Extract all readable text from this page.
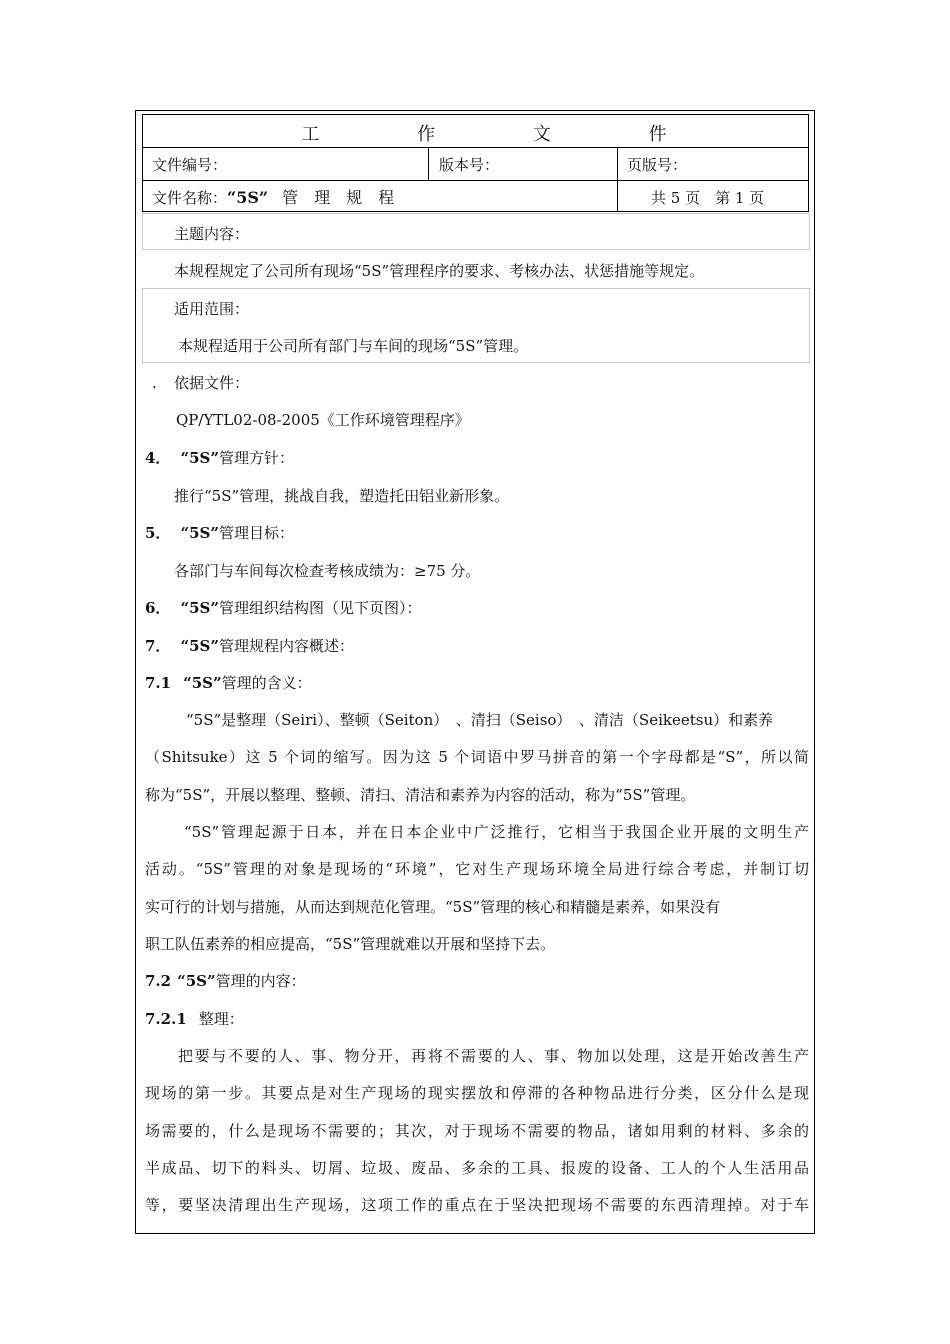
工 作 文 件
文件编号：	版本号：	页版号：
文件名称：“5S” 管　理　规　程	共 5 页　第 1 页
主题内容：
本规程规定了公司所有现场“5S”管理程序的要求、考核办法、状惩措施等规定。
适用范围：
本规程适用于公司所有部门与车间的现场“5S”管理。
. 依据文件：
QP/YTL02-08-2005《工作环境管理程序》
4． “5S”管理方针：
推行“5S”管理，挑战自我，塑造托田铝业新形象。
5． “5S”管理目标：
各部门与车间每次检查考核成绩为：≥75 分。
6． “5S”管理组织结构图（见下页图）：
7． “5S”管理规程内容概述：
7.1 “5S”管理的含义：
“5S”是整理（Seiri）、整顿（Seiton）　、清扫（Seiso）　、清洁（Seikeetsu）和素养
（Shitsuke）这 5 个词的缩写。因为这 5 个词语中罗马拼音的第一个字母都是“S”，所以简
称为“5S”，开展以整理、整顿、清扫、清洁和素养为内容的活动，称为“5S”管理。
“5S”管理起源于日本，并在日本企业中广泛推行，它相当于我国企业开展的文明生产
活动。“5S”管理的对象是现场的“环境”，它对生产现场环境全局进行综合考虑，并制订切
实可行的计划与措施，从而达到规范化管理。“5S”管理的核心和精髓是素养，如果没有
职工队伍素养的相应提高，“5S”管理就难以开展和坚持下去。
7.2 “5S”管理的内容：
7.2.1 整理：
把要与不要的人、事、物分开，再将不需要的人、事、物加以处理，这是开始改善生产
现场的第一步。其要点是对生产现场的现实摆放和停滞的各种物品进行分类，区分什么是现
场需要的，什么是现场不需要的；其次，对于现场不需要的物品，诸如用剩的材料、多余的
半成品、切下的料头、切屑、垃圾、废品、多余的工具、报废的设备、工人的个人生活用品
等，要坚决清理出生产现场，这项工作的重点在于坚决把现场不需要的东西清理掉。对于车
